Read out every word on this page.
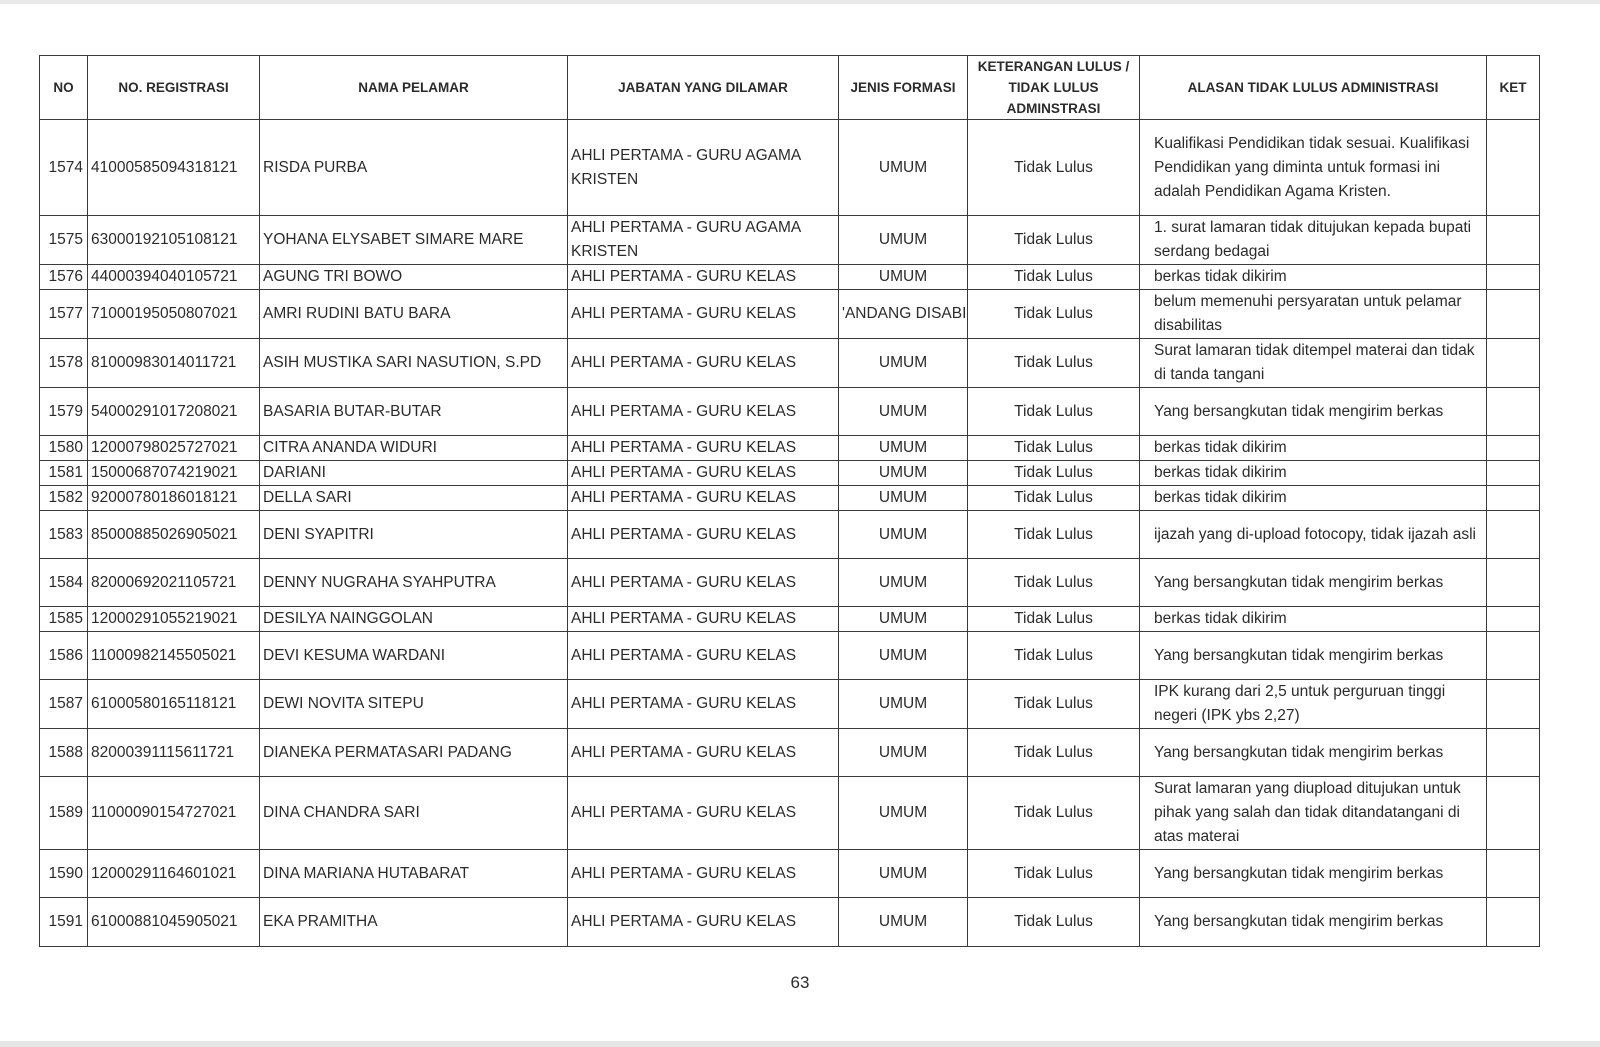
NO	NO. REGISTRASI	NAMA PELAMAR	JABATAN YANG DILAMAR	JENIS FORMASI	KETERANGAN LULUS / TIDAK LULUS ADMINSTRASI	ALASAN TIDAK LULUS ADMINISTRASI	KET
1574	41000585094318121	RISDA PURBA	AHLI PERTAMA - GURU AGAMA KRISTEN	UMUM	Tidak Lulus	Kualifikasi Pendidikan tidak sesuai. Kualifikasi Pendidikan yang diminta untuk formasi ini adalah Pendidikan Agama Kristen.	
1575	63000192105108121	YOHANA ELYSABET SIMARE MARE	AHLI PERTAMA - GURU AGAMA KRISTEN	UMUM	Tidak Lulus	1. surat lamaran tidak ditujukan kepada bupati serdang bedagai	
1576	44000394040105721	AGUNG TRI BOWO	AHLI PERTAMA - GURU KELAS	UMUM	Tidak Lulus	berkas tidak dikirim	
1577	71000195050807021	AMRI RUDINI BATU BARA	AHLI PERTAMA - GURU KELAS	'ANDANG DISABI	Tidak Lulus	belum memenuhi persyaratan untuk pelamar disabilitas	
1578	81000983014011721	ASIH MUSTIKA SARI NASUTION, S.PD	AHLI PERTAMA - GURU KELAS	UMUM	Tidak Lulus	Surat lamaran tidak ditempel materai dan tidak di tanda tangani	
1579	54000291017208021	BASARIA BUTAR-BUTAR	AHLI PERTAMA - GURU KELAS	UMUM	Tidak Lulus	Yang bersangkutan tidak mengirim berkas	
1580	12000798025727021	CITRA ANANDA WIDURI	AHLI PERTAMA - GURU KELAS	UMUM	Tidak Lulus	berkas tidak dikirim	
1581	15000687074219021	DARIANI	AHLI PERTAMA - GURU KELAS	UMUM	Tidak Lulus	berkas tidak dikirim	
1582	92000780186018121	DELLA SARI	AHLI PERTAMA - GURU KELAS	UMUM	Tidak Lulus	berkas tidak dikirim	
1583	85000885026905021	DENI SYAPITRI	AHLI PERTAMA - GURU KELAS	UMUM	Tidak Lulus	ijazah yang di-upload fotocopy, tidak ijazah asli	
1584	82000692021105721	DENNY NUGRAHA SYAHPUTRA	AHLI PERTAMA - GURU KELAS	UMUM	Tidak Lulus	Yang bersangkutan tidak mengirim berkas	
1585	12000291055219021	DESILYA NAINGGOLAN	AHLI PERTAMA - GURU KELAS	UMUM	Tidak Lulus	berkas tidak dikirim	
1586	11000982145505021	DEVI KESUMA WARDANI	AHLI PERTAMA - GURU KELAS	UMUM	Tidak Lulus	Yang bersangkutan tidak mengirim berkas	
1587	61000580165118121	DEWI NOVITA SITEPU	AHLI PERTAMA - GURU KELAS	UMUM	Tidak Lulus	IPK kurang dari 2,5 untuk perguruan tinggi negeri (IPK ybs 2,27)	
1588	82000391115611721	DIANEKA PERMATASARI PADANG	AHLI PERTAMA - GURU KELAS	UMUM	Tidak Lulus	Yang bersangkutan tidak mengirim berkas	
1589	11000090154727021	DINA CHANDRA SARI	AHLI PERTAMA - GURU KELAS	UMUM	Tidak Lulus	Surat lamaran yang diupload ditujukan untuk pihak yang salah dan tidak ditandatangani di atas materai	
1590	12000291164601021	DINA MARIANA HUTABARAT	AHLI PERTAMA - GURU KELAS	UMUM	Tidak Lulus	Yang bersangkutan tidak mengirim berkas	
1591	61000881045905021	EKA PRAMITHA	AHLI PERTAMA - GURU KELAS	UMUM	Tidak Lulus	Yang bersangkutan tidak mengirim berkas	
63
